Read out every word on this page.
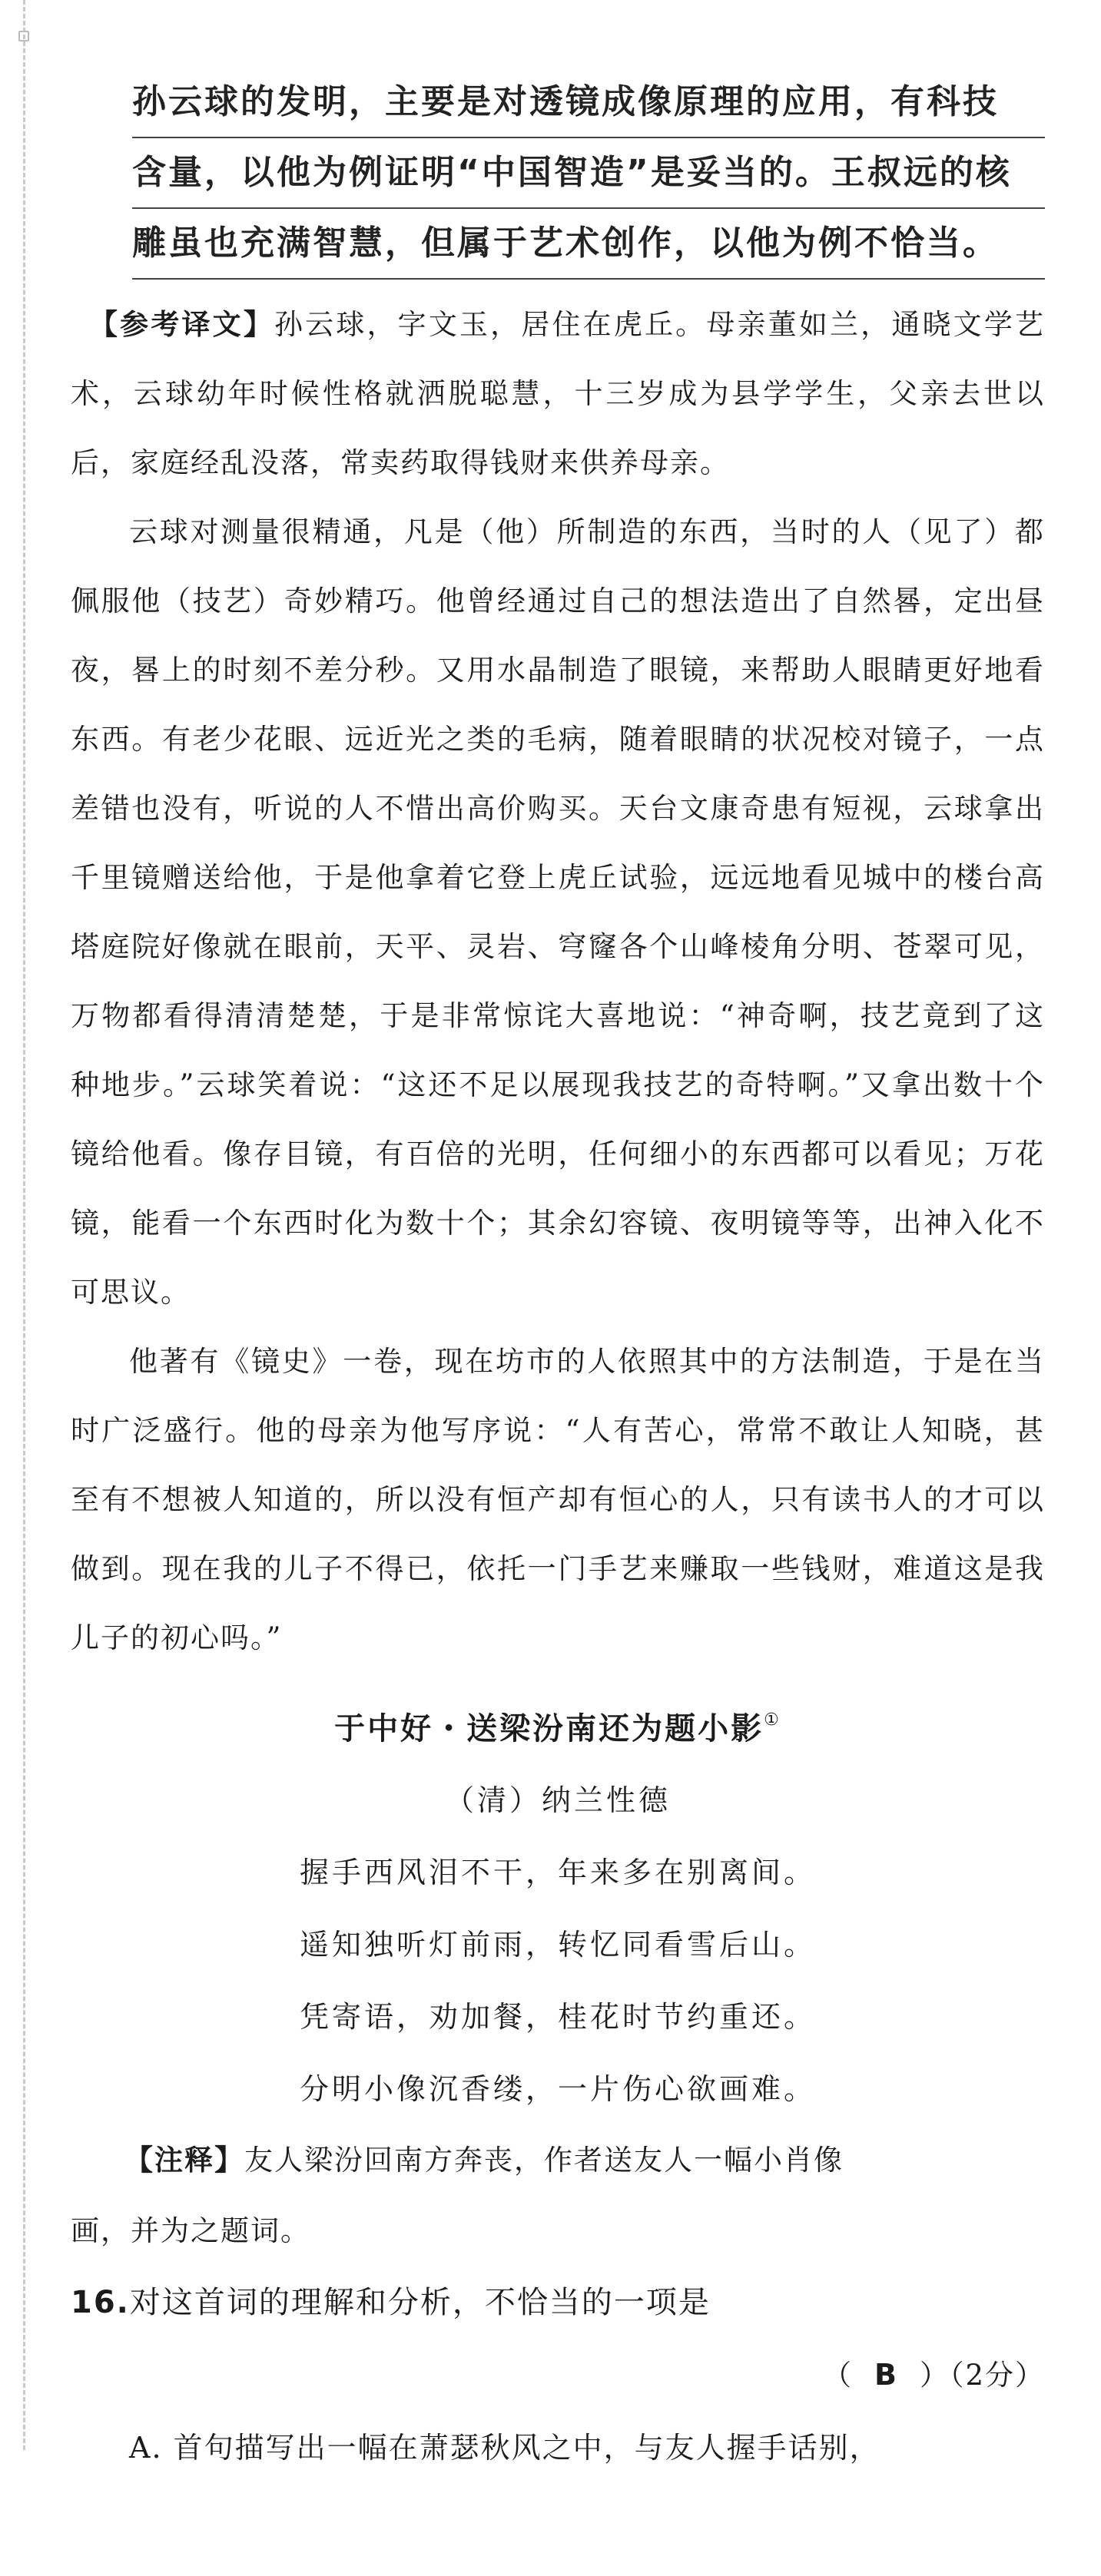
孙云球的发明，主要是对透镜成像原理的应用，有科技

含量，以他为例证明“中国智造”是妥当的。王叔远的核

雕虽也充满智慧，但属于艺术创作，以他为例不恰当。

【参考译文】孙云球，字文玉，居住在虎丘。母亲董如兰，通晓文学艺术，云球幼年时候性格就洒脱聪慧，十三岁成为县学学生，父亲去世以后，家庭经乱没落，常卖药取得钱财来供养母亲。

云球对测量很精通，凡是（他）所制造的东西，当时的人（见了）都佩服他（技艺）奇妙精巧。他曾经通过自己的想法造出了自然晷，定出昼夜，晷上的时刻不差分秒。又用水晶制造了眼镜，来帮助人眼睛更好地看东西。有老少花眼、远近光之类的毛病，随着眼睛的状况校对镜子，一点差错也没有，听说的人不惜出高价购买。天台文康奇患有短视，云球拿出千里镜赠送给他，于是他拿着它登上虎丘试验，远远地看见城中的楼台高塔庭院好像就在眼前，天平、灵岩、穹窿各个山峰棱角分明、苍翠可见，万物都看得清清楚楚，于是非常惊诧大喜地说：“神奇啊，技艺竟到了这种地步。”云球笑着说：“这还不足以展现我技艺的奇特啊。”又拿出数十个镜给他看。像存目镜，有百倍的光明，任何细小的东西都可以看见；万花镜，能看一个东西时化为数十个；其余幻容镜、夜明镜等等，出神入化不可思议。

他著有《镜史》一卷，现在坊市的人依照其中的方法制造，于是在当时广泛盛行。他的母亲为他写序说：“人有苦心，常常不敢让人知晓，甚至有不想被人知道的，所以没有恒产却有恒心的人，只有读书人的才可以做到。现在我的儿子不得已，依托一门手艺来赚取一些钱财，难道这是我儿子的初心吗。”

于中好・送梁汾南还为题小影①

（清）纳兰性德

握手西风泪不干，年来多在别离间。

遥知独听灯前雨，转忆同看雪后山。

凭寄语，劝加餐，桂花时节约重还。

分明小像沉香缕，一片伤心欲画难。

【注释】友人梁汾回南方奔丧，作者送友人一幅小肖像

画，并为之题词。

16.对这首词的理解和分析，不恰当的一项是

（ B ）（2分）

A. 首句描写出一幅在萧瑟秋风之中，与友人握手话别，
